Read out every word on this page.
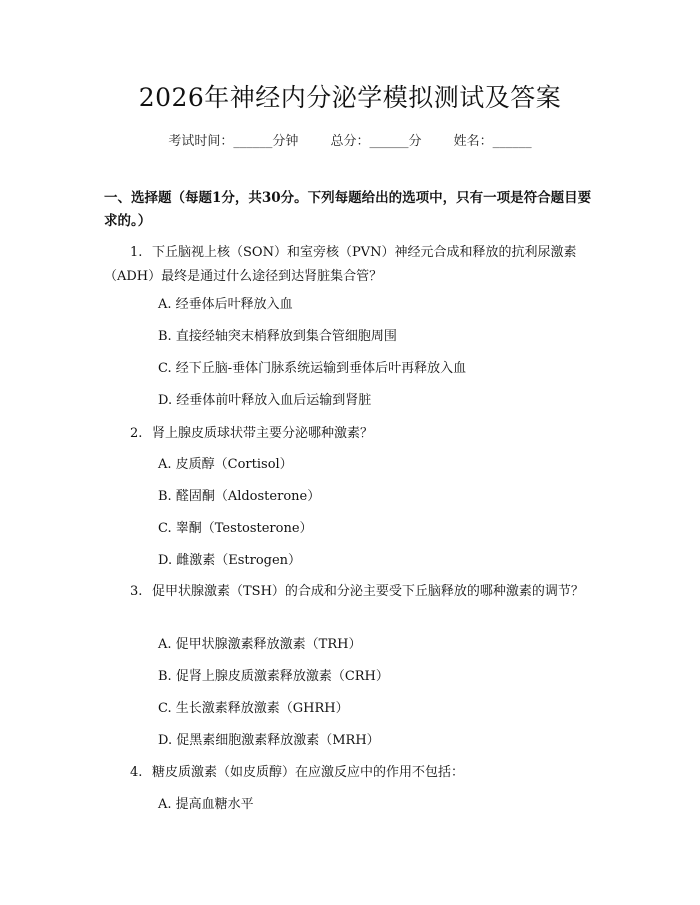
2026年神经内分泌学模拟测试及答案
考试时间：______分钟 总分：______分 姓名：______
一、选择题（每题1分，共30分。下列每题给出的选项中，只有一项是符合题目要求的。）
1. 下丘脑视上核（SON）和室旁核（PVN）神经元合成和释放的抗利尿激素（ADH）最终是通过什么途径到达肾脏集合管？
A. 经垂体后叶释放入血
B. 直接经轴突末梢释放到集合管细胞周围
C. 经下丘脑-垂体门脉系统运输到垂体后叶再释放入血
D. 经垂体前叶释放入血后运输到肾脏
2. 肾上腺皮质球状带主要分泌哪种激素？
A. 皮质醇（Cortisol）
B. 醛固酮（Aldosterone）
C. 睾酮（Testosterone）
D. 雌激素（Estrogen）
3. 促甲状腺激素（TSH）的合成和分泌主要受下丘脑释放的哪种激素的调节？
A. 促甲状腺激素释放激素（TRH）
B. 促肾上腺皮质激素释放激素（CRH）
C. 生长激素释放激素（GHRH）
D. 促黑素细胞激素释放激素（MRH）
4. 糖皮质激素（如皮质醇）在应激反应中的作用不包括：
A. 提高血糖水平
